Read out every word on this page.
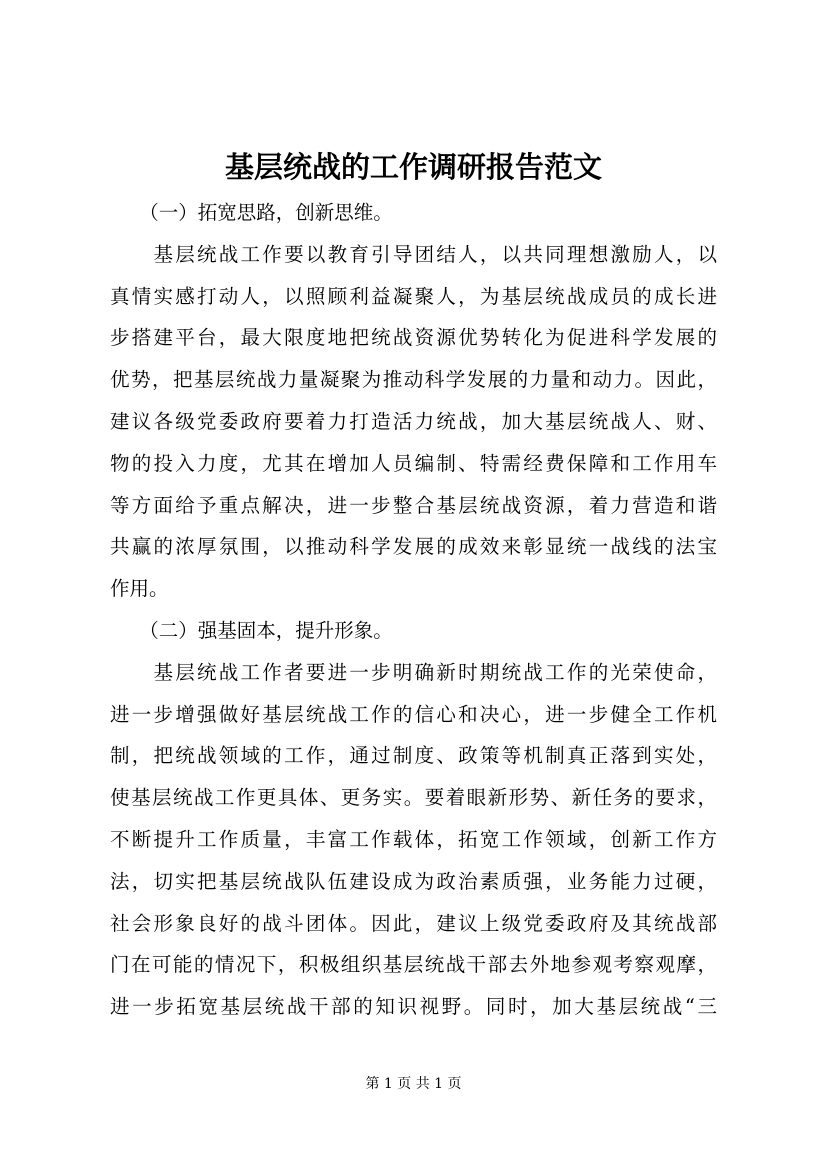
基层统战的工作调研报告范文
　　（一）拓宽思路，创新思维。
　　基层统战工作要以教育引导团结人，以共同理想激励人，以
真情实感打动人，以照顾利益凝聚人，为基层统战成员的成长进
步搭建平台，最大限度地把统战资源优势转化为促进科学发展的
优势，把基层统战力量凝聚为推动科学发展的力量和动力。因此，
建议各级党委政府要着力打造活力统战，加大基层统战人、财、
物的投入力度，尤其在增加人员编制、特需经费保障和工作用车
等方面给予重点解决，进一步整合基层统战资源，着力营造和谐
共赢的浓厚氛围，以推动科学发展的成效来彰显统一战线的法宝
作用。
　　（二）强基固本，提升形象。
　　基层统战工作者要进一步明确新时期统战工作的光荣使命，
进一步增强做好基层统战工作的信心和决心，进一步健全工作机
制，把统战领域的工作，通过制度、政策等机制真正落到实处，
使基层统战工作更具体、更务实。要着眼新形势、新任务的要求，
不断提升工作质量，丰富工作载体，拓宽工作领域，创新工作方
法，切实把基层统战队伍建设成为政治素质强，业务能力过硬，
社会形象良好的战斗团体。因此，建议上级党委政府及其统战部
门在可能的情况下，积极组织基层统战干部去外地参观考察观摩，
进一步拓宽基层统战干部的知识视野。同时，加大基层统战“三
第 1 页 共 1 页
